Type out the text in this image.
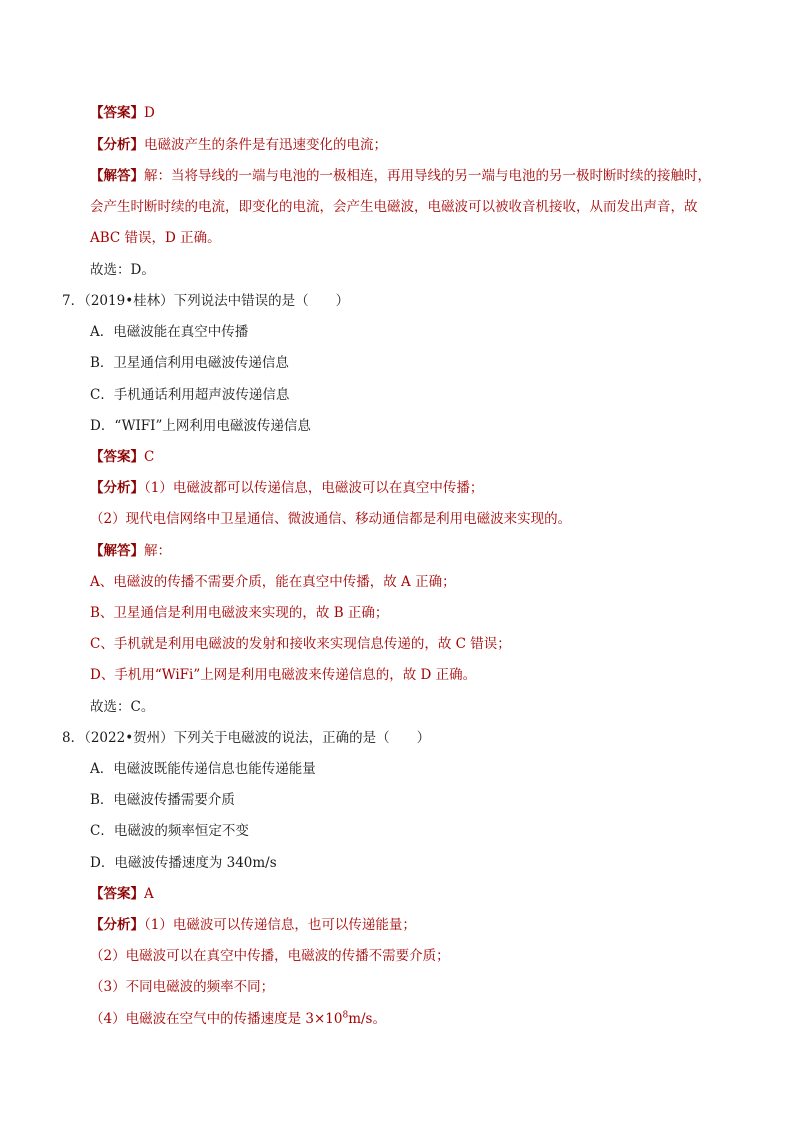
【答案】D
【分析】电磁波产生的条件是有迅速变化的电流；
【解答】解：当将导线的一端与电池的一极相连，再用导线的另一端与电池的另一极时断时续的接触时，
会产生时断时续的电流，即变化的电流，会产生电磁波，电磁波可以被收音机接收，从而发出声音，故
ABC 错误，D 正确。
故选：D。
7．（2019•桂林）下列说法中错误的是（　　）
A．电磁波能在真空中传播
B．卫星通信利用电磁波传递信息
C．手机通话利用超声波传递信息
D．“WIFI”上网利用电磁波传递信息
【答案】C
【分析】（1）电磁波都可以传递信息，电磁波可以在真空中传播；
（2）现代电信网络中卫星通信、微波通信、移动通信都是利用电磁波来实现的。
【解答】解：
A、电磁波的传播不需要介质，能在真空中传播，故 A 正确；
B、卫星通信是利用电磁波来实现的，故 B 正确；
C、手机就是利用电磁波的发射和接收来实现信息传递的，故 C 错误；
D、手机用“WiFi”上网是利用电磁波来传递信息的，故 D 正确。
故选：C。
8．（2022•贺州）下列关于电磁波的说法，正确的是（　　）
A．电磁波既能传递信息也能传递能量
B．电磁波传播需要介质
C．电磁波的频率恒定不变
D．电磁波传播速度为 340m/s
【答案】A
【分析】（1）电磁波可以传递信息，也可以传递能量；
（2）电磁波可以在真空中传播，电磁波的传播不需要介质；
（3）不同电磁波的频率不同；
（4）电磁波在空气中的传播速度是 $3\times 10^8m/s$。
